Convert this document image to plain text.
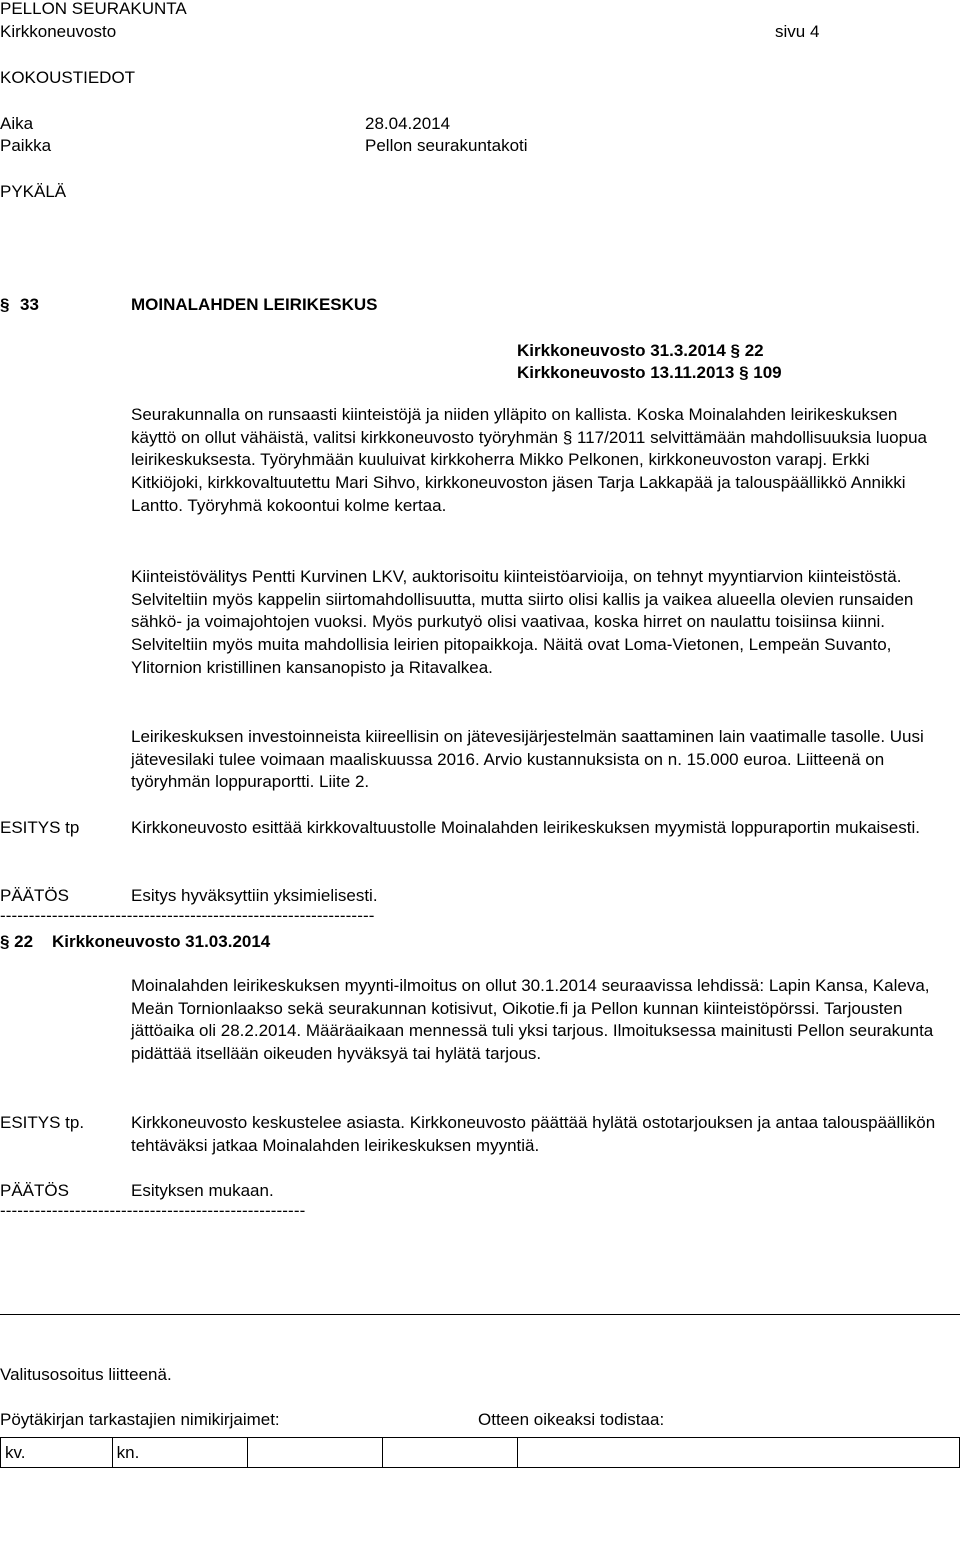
PELLON SEURAKUNTA
Kirkkoneuvosto	sivu 4
KOKOUSTIEDOT
Aika	28.04.2014
Paikka	Pellon seurakuntakoti
PYKÄLÄ
§ 33	MOINALAHDEN LEIRIKESKUS
Kirkkoneuvosto 31.3.2014 § 22
Kirkkoneuvosto 13.11.2013 § 109
Seurakunnalla on runsaasti kiinteistöjä ja niiden ylläpito on kallista. Koska Moinalahden leirikeskuksen käyttö on ollut vähäistä, valitsi kirkkoneuvosto työryhmän § 117/2011 selvittämään mahdollisuuksia luopua leirikeskuksesta. Työryhmään kuuluivat kirkkoherra Mikko Pelkonen, kirkkoneuvoston varapj. Erkki Kitkiöjoki, kirkkovaltuutettu Mari Sihvo, kirkkoneuvoston jäsen Tarja Lakkapää ja talouspäällikkö Annikki Lantto. Työryhmä kokoontui kolme kertaa.
Kiinteistövälitys Pentti Kurvinen LKV, auktorisoitu kiinteistöarvioija, on tehnyt myyntiarvion kiinteistöstä. Selviteltiin myös kappelin siirtomahdollisuutta, mutta siirto olisi kallis ja vaikea alueella olevien runsaiden sähkö- ja voimajohtojen vuoksi. Myös purkutyö olisi vaativaa, koska hirret on naulattu toisiinsa kiinni. Selviteltiin myös muita mahdollisia leirien pitopaikkoja. Näitä ovat Loma-Vietonen, Lempeän Suvanto, Ylitornion kristillinen kansanopisto ja Ritavalkea.
Leirikeskuksen investoinneista kiireellisin on jätevesijärjestelmän saattaminen lain vaatimalle tasolle. Uusi jätevesilaki tulee voimaan maaliskuussa 2016. Arvio kustannuksista on n. 15.000 euroa. Liitteenä on työryhmän loppuraportti. Liite 2.
ESITYS tp	Kirkkoneuvosto esittää kirkkovaltuustolle Moinalahden leirikeskuksen myymistä loppuraportin mukaisesti.
PÄÄTÖS	Esitys hyväksyttiin yksimielisesti.
-----------------------------------------------------------------
§ 22    Kirkkoneuvosto 31.03.2014
Moinalahden leirikeskuksen myynti-ilmoitus on ollut 30.1.2014 seuraavissa lehdissä: Lapin Kansa, Kaleva, Meän Tornionlaakso sekä seurakunnan kotisivut, Oikotie.fi ja Pellon kunnan kiinteistöpörssi. Tarjousten jättöaika oli 28.2.2014. Määräaikaan mennessä tuli yksi tarjous. Ilmoituksessa mainitusti Pellon seurakunta pidättää itsellään oikeuden hyväksyä tai hylätä tarjous.
ESITYS tp.	Kirkkoneuvosto keskustelee asiasta. Kirkkoneuvosto päättää hylätä ostotarjouksen ja antaa talouspäällikön tehtäväksi jatkaa Moinalahden leirikeskuksen myyntiä.
PÄÄTÖS	Esityksen mukaan.
-----------------------------------------------------
Valitusosoitus liitteenä.
Pöytäkirjan tarkastajien nimikirjaimet:	Otteen oikeaksi todistaa:
kv.	kn.			
